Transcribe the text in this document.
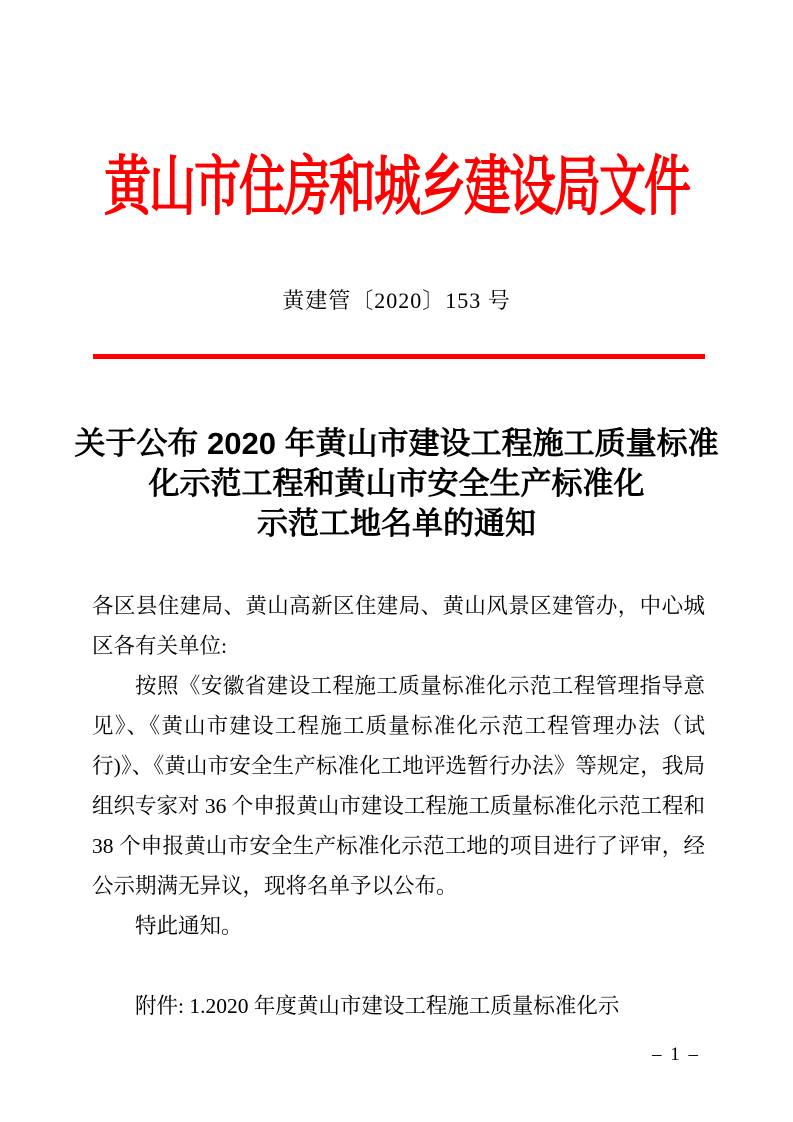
黄山市住房和城乡建设局文件
黄建管〔2020〕153 号
关于公布 2020 年黄山市建设工程施工质量标准
化示范工程和黄山市安全生产标准化
示范工地名单的通知
各区县住建局、黄山高新区住建局、黄山风景区建管办，中心城
区各有关单位:
按照《安徽省建设工程施工质量标准化示范工程管理指导意
见》、《黄山市建设工程施工质量标准化示范工程管理办法（试
行)》、《黄山市安全生产标准化工地评选暂行办法》等规定，我局
组织专家对 36 个申报黄山市建设工程施工质量标准化示范工程和
38 个申报黄山市安全生产标准化示范工地的项目进行了评审，经
公示期满无异议，现将名单予以公布。
特此通知。
附件: 1.2020 年度黄山市建设工程施工质量标准化示
– 1 –
